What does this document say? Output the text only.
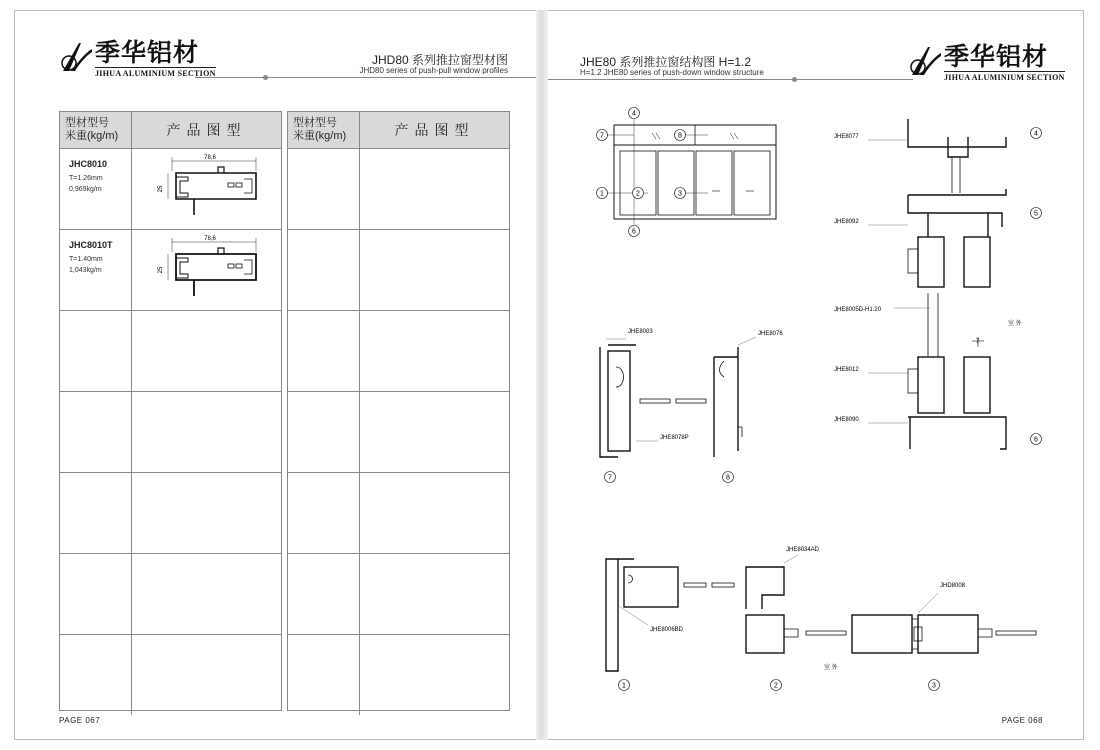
季华铝材
JIHUA ALUMINIUM SECTION
JHD80 系列推拉窗型材图
JHD80 series of push-pull window profiles
型材型号
米重(kg/m)	产品图型
JHC8010
T=1.26mm
0,969kg/m
78,6
25
JHC8010T
T=1.40mm
1,043kg/m
78,6
25
型材型号
米重(kg/m)	产品图型
PAGE 067
JHE80 系列推拉窗结构图 H=1.2
H=1.2 JHE80 series of push-down window structure
季华铝材
JIHUA ALUMINIUM SECTION
4
7	8
1	2	3
6
JHE8077
JHE8092
JHE8005D-H1.20
JHE8012
JHE8090
室 外
7
4
5
6
JHE8003	JHE8076
JHE8078P
7	8
JHE8034AD
JHD8008
JHE8006BD
室 外
1	2	3
PAGE 068
